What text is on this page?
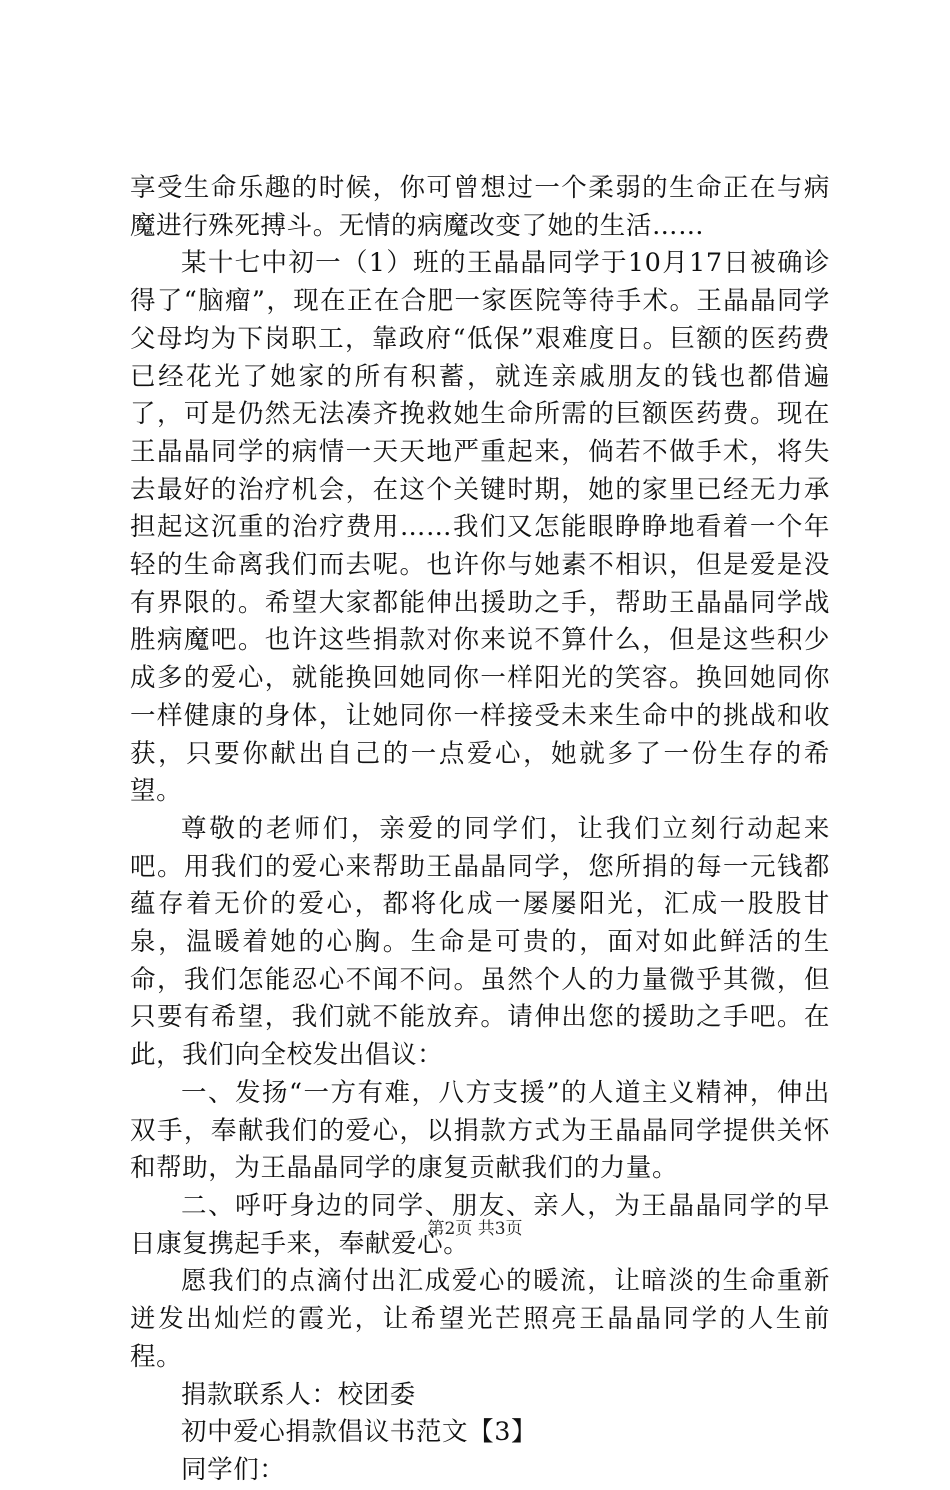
享受生命乐趣的时候，你可曾想过一个柔弱的生命正在与病魔进行殊死搏斗。无情的病魔改变了她的生活……

某十七中初一（1）班的王晶晶同学于10月17日被确诊得了“脑瘤”，现在正在合肥一家医院等待手术。王晶晶同学父母均为下岗职工，靠政府“低保”艰难度日。巨额的医药费已经花光了她家的所有积蓄，就连亲戚朋友的钱也都借遍了，可是仍然无法凑齐挽救她生命所需的巨额医药费。现在王晶晶同学的病情一天天地严重起来，倘若不做手术，将失去最好的治疗机会，在这个关键时期，她的家里已经无力承担起这沉重的治疗费用……我们又怎能眼睁睁地看着一个年轻的生命离我们而去呢。也许你与她素不相识，但是爱是没有界限的。希望大家都能伸出援助之手，帮助王晶晶同学战胜病魔吧。也许这些捐款对你来说不算什么，但是这些积少成多的爱心，就能换回她同你一样阳光的笑容。换回她同你一样健康的身体，让她同你一样接受未来生命中的挑战和收获，只要你献出自己的一点爱心，她就多了一份生存的希望。

尊敬的老师们，亲爱的同学们，让我们立刻行动起来吧。用我们的爱心来帮助王晶晶同学，您所捐的每一元钱都蕴存着无价的爱心，都将化成一屡屡阳光，汇成一股股甘泉，温暖着她的心胸。生命是可贵的，面对如此鲜活的生命，我们怎能忍心不闻不问。虽然个人的力量微乎其微，但只要有希望，我们就不能放弃。请伸出您的援助之手吧。在此，我们向全校发出倡议：

一、发扬“一方有难，八方支援”的人道主义精神，伸出双手，奉献我们的爱心，以捐款方式为王晶晶同学提供关怀和帮助，为王晶晶同学的康复贡献我们的力量。

二、呼吁身边的同学、朋友、亲人，为王晶晶同学的早日康复携起手来，奉献爱心。

愿我们的点滴付出汇成爱心的暖流，让暗淡的生命重新迸发出灿烂的霞光，让希望光芒照亮王晶晶同学的人生前程。

捐款联系人：校团委

初中爱心捐款倡议书范文【3】

同学们：

第2页 共3页
